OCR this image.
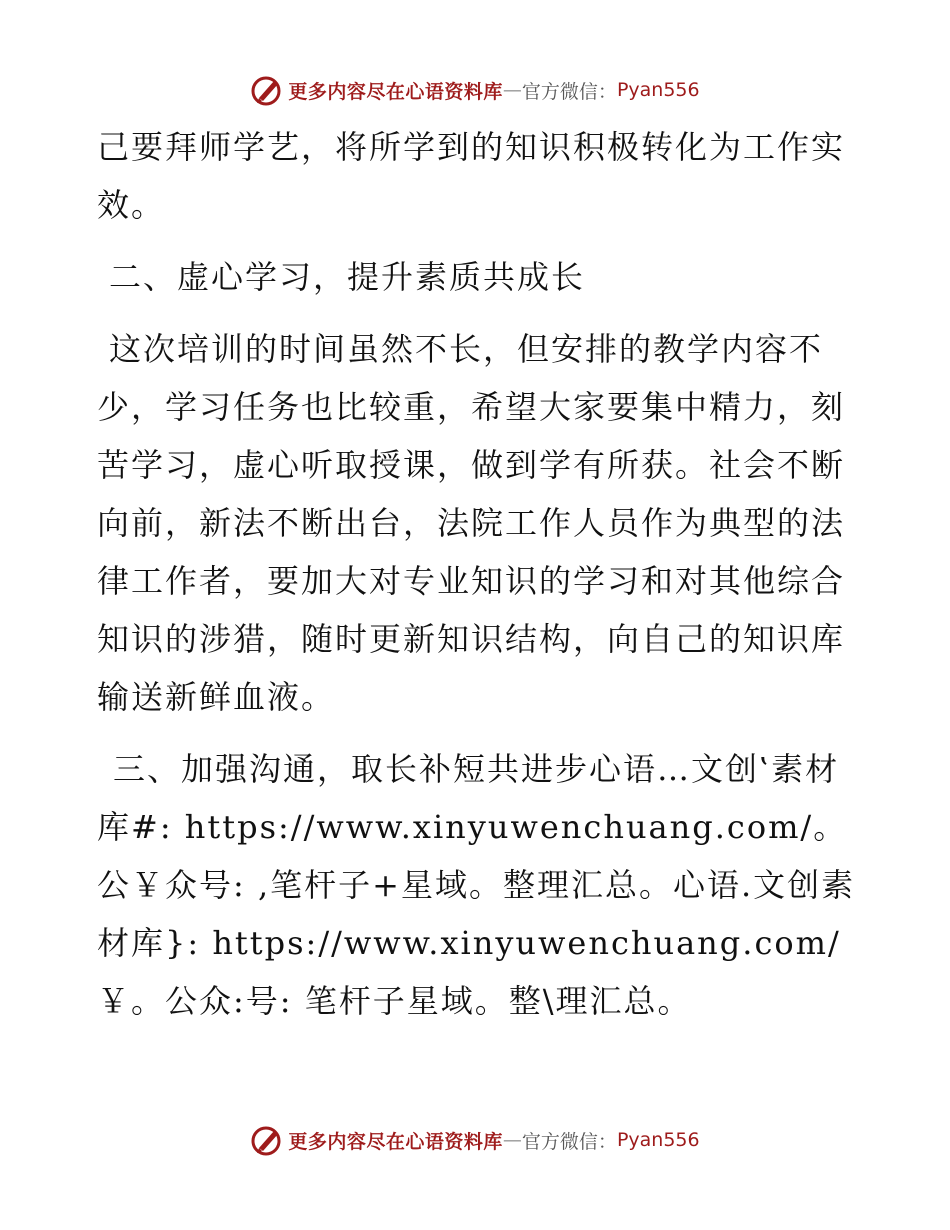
更多内容尽在心语资料库 — 官方微信： Pyan556

己要拜师学艺，将所学到的知识积极转化为工作实效。

二、虚心学习，提升素质共成长

这次培训的时间虽然不长，但安排的教学内容不少，学习任务也比较重，希望大家要集中精力，刻苦学习，虚心听取授课，做到学有所获。社会不断向前，新法不断出台，法院工作人员作为典型的法律工作者，要加大对专业知识的学习和对其他综合知识的涉猎，随时更新知识结构，向自己的知识库输送新鲜血液。

三、加强沟通，取长补短共进步心语…文创‛素材库#: https://www.xinyuwenchuang.com/。公￥众号: ,笔杆子+星域。整理汇总。心语.文创素材库}: https://www.xinyuwenchuang.com/￥。公众:号: 笔杆子星域。整\理汇总。

更多内容尽在心语资料库 — 官方微信： Pyan556
